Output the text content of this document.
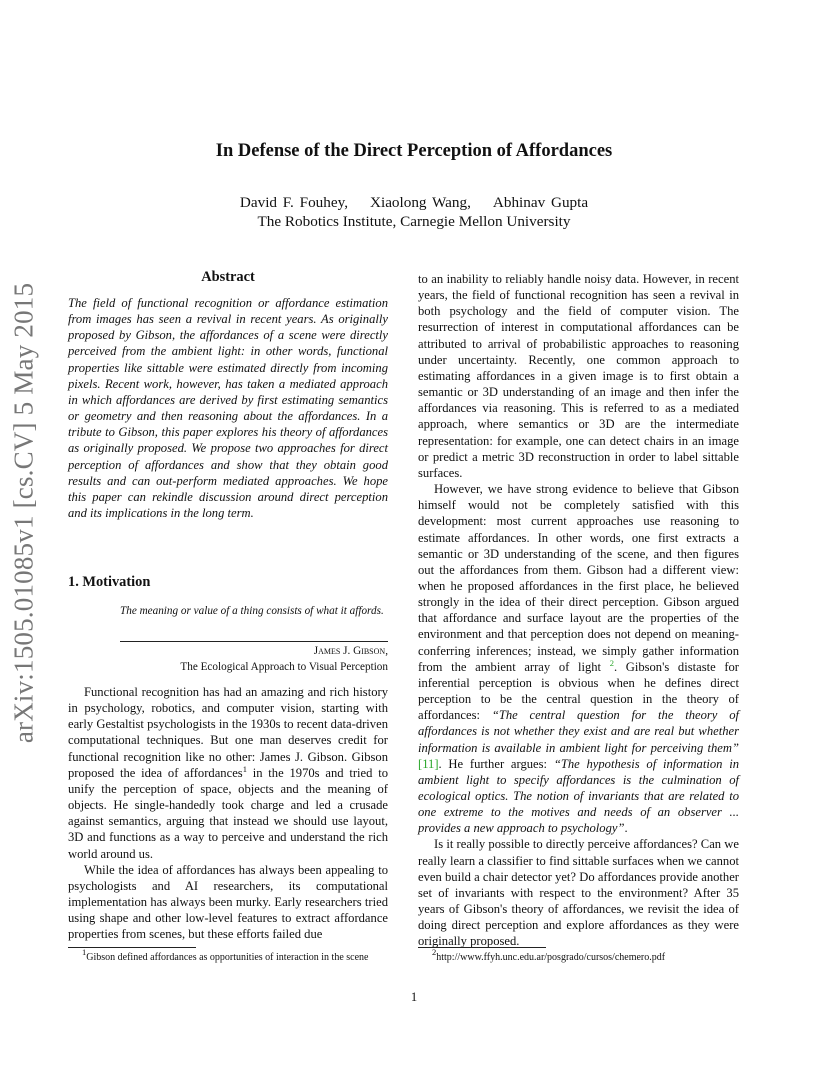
arXiv:1505.01085v1 [cs.CV] 5 May 2015
In Defense of the Direct Perception of Affordances
David F. Fouhey, Xiaolong Wang, Abhinav Gupta
The Robotics Institute, Carnegie Mellon University
Abstract
The field of functional recognition or affordance estimation from images has seen a revival in recent years. As originally proposed by Gibson, the affordances of a scene were directly perceived from the ambient light: in other words, functional properties like sittable were estimated directly from incoming pixels. Recent work, however, has taken a mediated approach in which affordances are derived by first estimating semantics or geometry and then reasoning about the affordances. In a tribute to Gibson, this paper explores his theory of affordances as originally proposed. We propose two approaches for direct perception of affordances and show that they obtain good results and can out-perform mediated approaches. We hope this paper can rekindle discussion around direct perception and its implications in the long term.
1. Motivation
The meaning or value of a thing consists of what it affords.
James J. Gibson,
The Ecological Approach to Visual Perception

Functional recognition has had an amazing and rich history in psychology, robotics, and computer vision, starting with early Gestaltist psychologists in the 1930s to recent data-driven computational techniques. But one man deserves credit for functional recognition like no other: James J. Gibson. Gibson proposed the idea of affordances$^1$ in the 1970s and tried to unify the perception of space, objects and the meaning of objects. He single-handedly took charge and led a crusade against semantics, arguing that instead we should use layout, 3D and functions as a way to perceive and understand the rich world around us.

While the idea of affordances has always been appealing to psychologists and AI researchers, its computational implementation has always been murky. Early researchers tried using shape and other low-level features to extract affordance properties from scenes, but these efforts failed due

$^1$Gibson defined affordances as opportunities of interaction in the scene

to an inability to reliably handle noisy data. However, in recent years, the field of functional recognition has seen a revival in both psychology and the field of computer vision. The resurrection of interest in computational affordances can be attributed to arrival of probabilistic approaches to reasoning under uncertainty. Recently, one common approach to estimating affordances in a given image is to first obtain a semantic or 3D understanding of an image and then infer the affordances via reasoning. This is referred to as a mediated approach, where semantics or 3D are the intermediate representation: for example, one can detect chairs in an image or predict a metric 3D reconstruction in order to label sittable surfaces.

However, we have strong evidence to believe that Gibson himself would not be completely satisfied with this development: most current approaches use reasoning to estimate affordances. In other words, one first extracts a semantic or 3D understanding of the scene, and then figures out the affordances from them. Gibson had a different view: when he proposed affordances in the first place, he believed strongly in the idea of their direct perception. Gibson argued that affordance and surface layout are the properties of the environment and that perception does not depend on meaning-conferring inferences; instead, we simply gather information from the ambient array of light $^2$. Gibson's distaste for inferential perception is obvious when he defines direct perception to be the central question in the theory of affordances: “The central question for the theory of affordances is not whether they exist and are real but whether information is available in ambient light for perceiving them” [11]. He further argues: “The hypothesis of information in ambient light to specify affordances is the culmination of ecological optics. The notion of invariants that are related to one extreme to the motives and needs of an observer ... provides a new approach to psychology”.

Is it really possible to directly perceive affordances? Can we really learn a classifier to find sittable surfaces when we cannot even build a chair detector yet? Do affordances provide another set of invariants with respect to the environment? After 35 years of Gibson's theory of affordances, we revisit the idea of doing direct perception and explore affordances as they were originally proposed.

$^2$http://www.ffyh.unc.edu.ar/posgrado/cursos/chemero.pdf
1
